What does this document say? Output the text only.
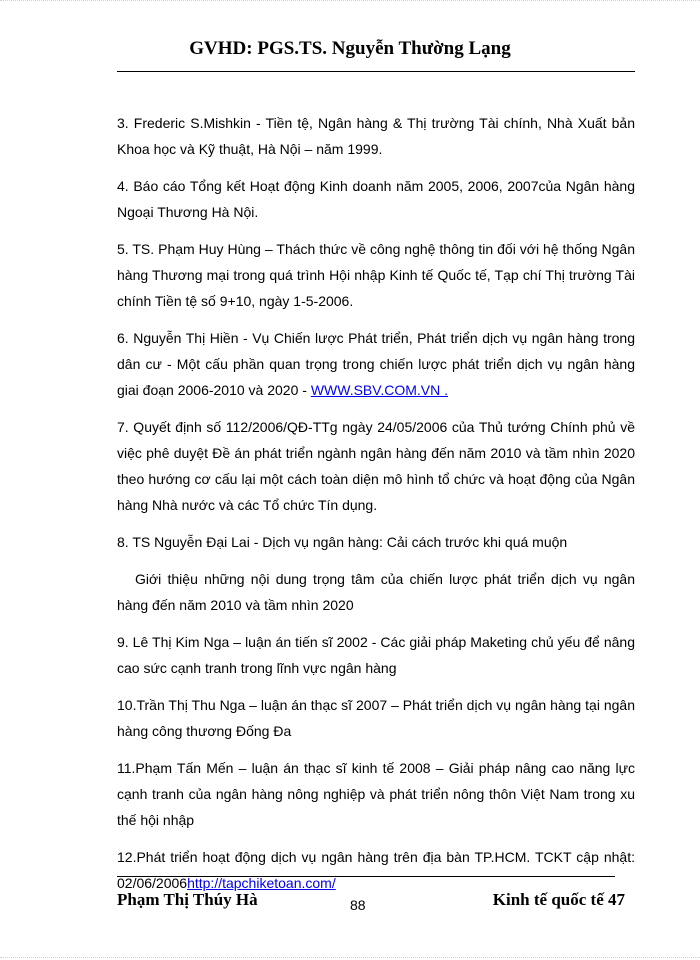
GVHD: PGS.TS. Nguyễn Thường Lạng

3. Frederic S.Mishkin - Tiền tệ, Ngân hàng & Thị trường Tài chính, Nhà Xuất bản Khoa học và Kỹ thuật, Hà Nội – năm 1999.

4. Báo cáo Tổng kết Hoạt động Kinh doanh năm 2005, 2006, 2007của Ngân hàng Ngoại Thương Hà Nội.

5. TS. Phạm Huy Hùng – Thách thức về công nghệ thông tin đối với hệ thống Ngân hàng Thương mại trong quá trình Hội nhập Kinh tế Quốc tế, Tạp chí Thị trường Tài chính Tiền tệ số 9+10, ngày 1-5-2006.

6. Nguyễn Thị Hiền - Vụ Chiến lược Phát triển, Phát triển dịch vụ ngân hàng trong dân cư - Một cấu phần quan trọng trong chiến lược phát triển dịch vụ ngân hàng giai đoạn 2006-2010 và 2020 - WWW.SBV.COM.VN .

7. Quyết định số 112/2006/QĐ-TTg ngày 24/05/2006 của Thủ tướng Chính phủ về việc phê duyệt Đề án phát triển ngành ngân hàng đến năm 2010 và tầm nhìn 2020 theo hướng cơ cấu lại một cách toàn diện mô hình tổ chức và hoạt động của Ngân hàng Nhà nước và các Tổ chức Tín dụng.

8. TS Nguyễn Đại Lai - Dịch vụ ngân hàng: Cải cách trước khi quá muộn

Giới thiệu những nội dung trọng tâm của chiến lược phát triển dịch vụ ngân hàng đến năm 2010 và tầm nhìn 2020

9. Lê Thị Kim Nga – luận án tiến sĩ 2002 - Các giải pháp Maketing chủ yếu để nâng cao sức cạnh tranh trong lĩnh vực ngân hàng

10.Trần Thị Thu Nga – luận án thạc sĩ 2007 – Phát triển dịch vụ ngân hàng tại ngân hàng công thương Đống Đa

11.Phạm Tấn Mến – luận án thạc sĩ kinh tế 2008 – Giải pháp nâng cao năng lực cạnh tranh của ngân hàng nông nghiệp và phát triển nông thôn Việt Nam trong xu thế hội nhập

12.Phát triển hoạt động dịch vụ ngân hàng trên địa bàn TP.HCM. TCKT cập nhật: 02/06/2006http://tapchiketoan.com/

Phạm Thị Thúy Hà	88	Kinh tế quốc tế 47
